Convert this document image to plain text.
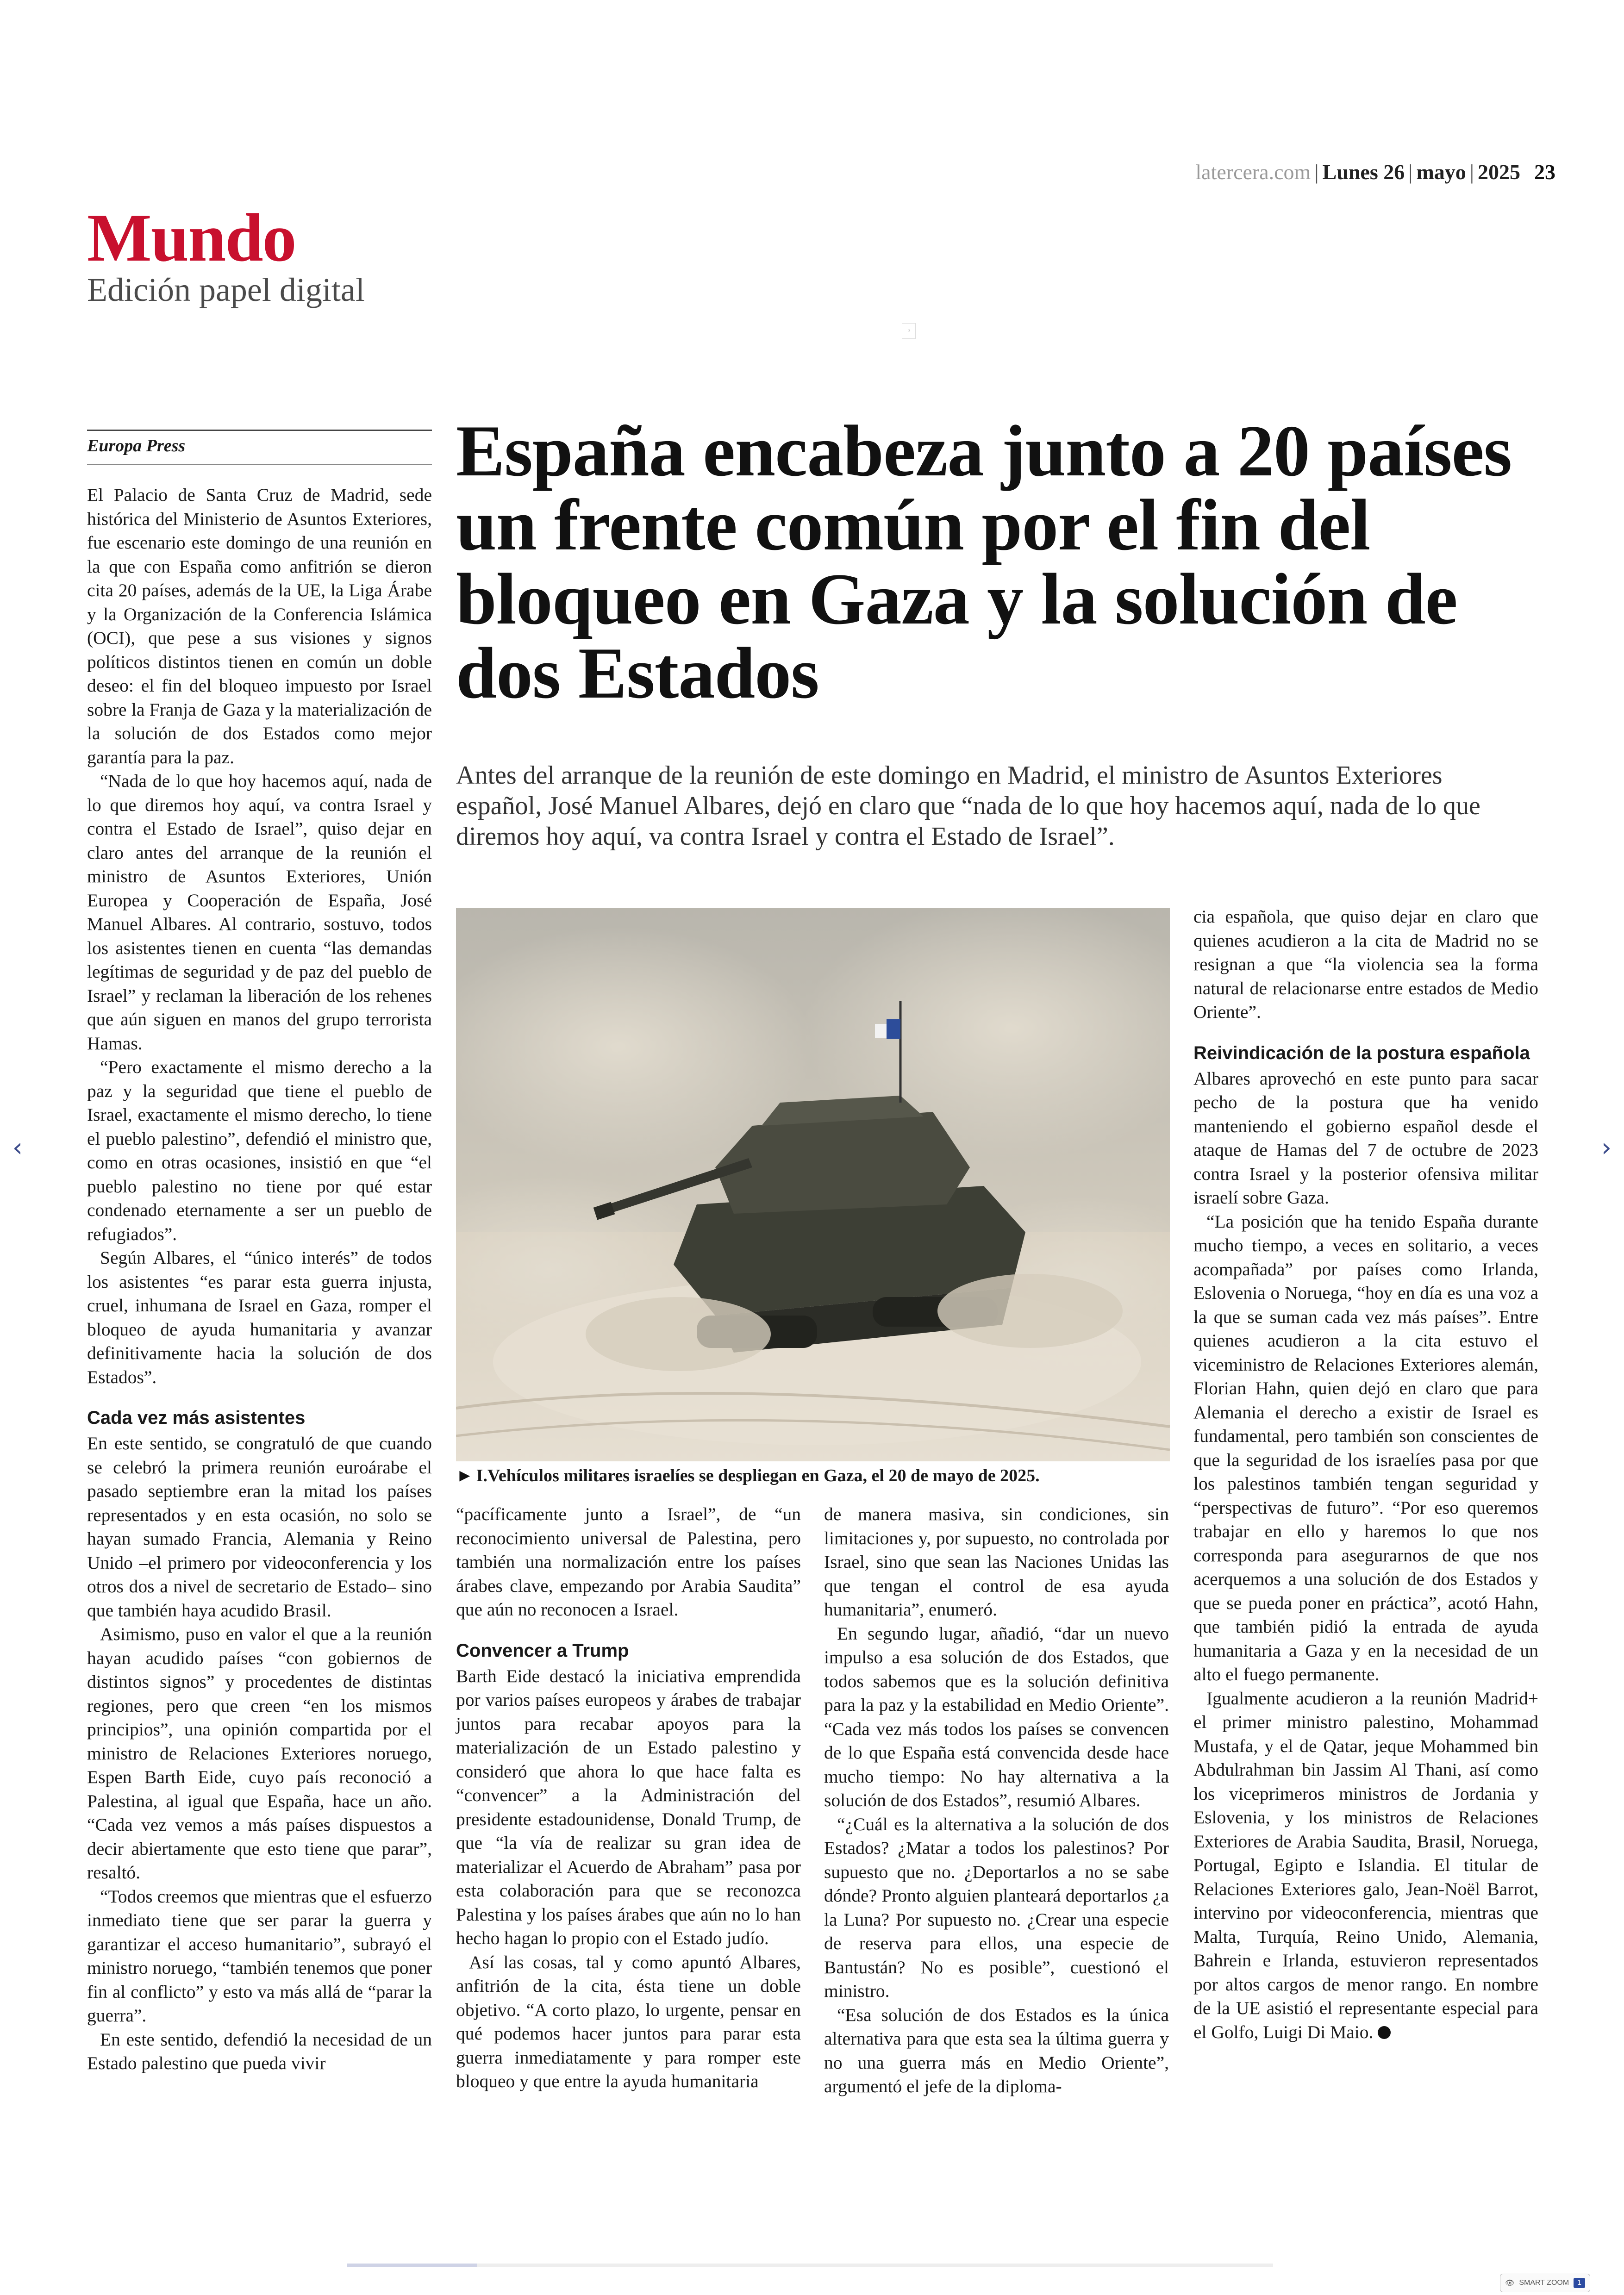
latercera.com | Lunes 26 | mayo | 2025 23
Mundo
Edición papel digital
▫
España encabeza junto a 20 países un frente común por el fin del bloqueo en Gaza y la solución de dos Estados

Antes del arranque de la reunión de este domingo en Madrid, el ministro de Asuntos Exteriores español, José Manuel Albares, dejó en claro que “nada de lo que hoy hacemos aquí, nada de lo que diremos hoy aquí, va contra Israel y contra el Estado de Israel”.

Europa Press

El Palacio de Santa Cruz de Madrid, sede histórica del Ministerio de Asuntos Exteriores, fue escenario este domingo de una reunión en la que con España como anfitrión se dieron cita 20 países, además de la UE, la Liga Árabe y la Organización de la Conferencia Islámica (OCI), que pese a sus visiones y signos políticos distintos tienen en común un doble deseo: el fin del bloqueo impuesto por Israel sobre la Franja de Gaza y la materialización de la solución de dos Estados como mejor garantía para la paz.

“Nada de lo que hoy hacemos aquí, nada de lo que diremos hoy aquí, va contra Israel y contra el Estado de Israel”, quiso dejar en claro antes del arranque de la reunión el ministro de Asuntos Exteriores, Unión Europea y Cooperación de España, José Manuel Albares. Al contrario, sostuvo, todos los asistentes tienen en cuenta “las demandas legítimas de seguridad y de paz del pueblo de Israel” y reclaman la liberación de los rehenes que aún siguen en manos del grupo terrorista Hamas.

“Pero exactamente el mismo derecho a la paz y la seguridad que tiene el pueblo de Israel, exactamente el mismo derecho, lo tiene el pueblo palestino”, defendió el ministro que, como en otras ocasiones, insistió en que “el pueblo palestino no tiene por qué estar condenado eternamente a ser un pueblo de refugiados”.

Según Albares, el “único interés” de todos los asistentes “es parar esta guerra injusta, cruel, inhumana de Israel en Gaza, romper el bloqueo de ayuda humanitaria y avanzar definitivamente hacia la solución de dos Estados”.

Cada vez más asistentes

En este sentido, se congratuló de que cuando se celebró la primera reunión euroárabe el pasado septiembre eran la mitad los países representados y en esta ocasión, no solo se hayan sumado Francia, Alemania y Reino Unido –el primero por videoconferencia y los otros dos a nivel de secretario de Estado– sino que también haya acudido Brasil.

Asimismo, puso en valor el que a la reunión hayan acudido países “con gobiernos de distintos signos” y procedentes de distintas regiones, pero que creen “en los mismos principios”, una opinión compartida por el ministro de Relaciones Exteriores noruego, Espen Barth Eide, cuyo país reconoció a Palestina, al igual que España, hace un año. “Cada vez vemos a más países dispuestos a decir abiertamente que esto tiene que parar”, resaltó.

“Todos creemos que mientras que el esfuerzo inmediato tiene que ser parar la guerra y garantizar el acceso humanitario”, subrayó el ministro noruego, “también tenemos que poner fin al conflicto” y esto va más allá de “parar la guerra”.

En este sentido, defendió la necesidad de un Estado palestino que pueda vivir

► I.Vehículos militares israelíes se despliegan en Gaza, el 20 de mayo de 2025.

“pacíficamente junto a Israel”, de “un reconocimiento universal de Palestina, pero también una normalización entre los países árabes clave, empezando por Arabia Saudita” que aún no reconocen a Israel.

Convencer a Trump

Barth Eide destacó la iniciativa emprendida por varios países europeos y árabes de trabajar juntos para recabar apoyos para la materialización de un Estado palestino y consideró que ahora lo que hace falta es “convencer” a la Administración del presidente estadounidense, Donald Trump, de que “la vía de realizar su gran idea de materializar el Acuerdo de Abraham” pasa por esta colaboración para que se reconozca Palestina y los países árabes que aún no lo han hecho hagan lo propio con el Estado judío.

Así las cosas, tal y como apuntó Albares, anfitrión de la cita, ésta tiene un doble objetivo. “A corto plazo, lo urgente, pensar en qué podemos hacer juntos para parar esta guerra inmediatamente y para romper este bloqueo y que entre la ayuda humanitaria

de manera masiva, sin condiciones, sin limitaciones y, por supuesto, no controlada por Israel, sino que sean las Naciones Unidas las que tengan el control de esa ayuda humanitaria”, enumeró.

En segundo lugar, añadió, “dar un nuevo impulso a esa solución de dos Estados, que todos sabemos que es la solución definitiva para la paz y la estabilidad en Medio Oriente”. “Cada vez más todos los países se convencen de lo que España está convencida desde hace mucho tiempo: No hay alternativa a la solución de dos Estados”, resumió Albares.

“¿Cuál es la alternativa a la solución de dos Estados? ¿Matar a todos los palestinos? Por supuesto que no. ¿Deportarlos a no se sabe dónde? Pronto alguien planteará deportarlos ¿a la Luna? Por supuesto no. ¿Crear una especie de reserva para ellos, una especie de Bantustán? No es posible”, cuestionó el ministro.

“Esa solución de dos Estados es la única alternativa para que esta sea la última guerra y no una guerra más en Medio Oriente”, argumentó el jefe de la diploma-

cia española, que quiso dejar en claro que quienes acudieron a la cita de Madrid no se resignan a que “la violencia sea la forma natural de relacionarse entre estados de Medio Oriente”.

Reivindicación de la postura española

Albares aprovechó en este punto para sacar pecho de la postura que ha venido manteniendo el gobierno español desde el ataque de Hamas del 7 de octubre de 2023 contra Israel y la posterior ofensiva militar israelí sobre Gaza.

“La posición que ha tenido España durante mucho tiempo, a veces en solitario, a veces acompañada” por países como Irlanda, Eslovenia o Noruega, “hoy en día es una voz a la que se suman cada vez más países”. Entre quienes acudieron a la cita estuvo el viceministro de Relaciones Exteriores alemán, Florian Hahn, quien dejó en claro que para Alemania el derecho a existir de Israel es fundamental, pero también son conscientes de que la seguridad de los israelíes pasa por que los palestinos también tengan seguridad y “perspectivas de futuro”. “Por eso queremos trabajar en ello y haremos lo que nos corresponda para asegurarnos de que nos acerquemos a una solución de dos Estados y que se pueda poner en práctica”, acotó Hahn, que también pidió la entrada de ayuda humanitaria a Gaza y en la necesidad de un alto el fuego permanente.

Igualmente acudieron a la reunión Madrid+ el primer ministro palestino, Mohammad Mustafa, y el de Qatar, jeque Mohammed bin Abdulrahman bin Jassim Al Thani, así como los viceprimeros ministros de Jordania y Eslovenia, y los ministros de Relaciones Exteriores de Arabia Saudita, Brasil, Noruega, Portugal, Egipto e Islandia. El titular de Relaciones Exteriores galo, Jean-Noël Barrot, intervino por videoconferencia, mientras que Malta, Turquía, Reino Unido, Alemania, Bahrein e Irlanda, estuvieron representados por altos cargos de menor rango. En nombre de la UE asistió el representante especial para el Golfo, Luigi Di Maio.

‹	›
👁 SMART ZOOM	1
